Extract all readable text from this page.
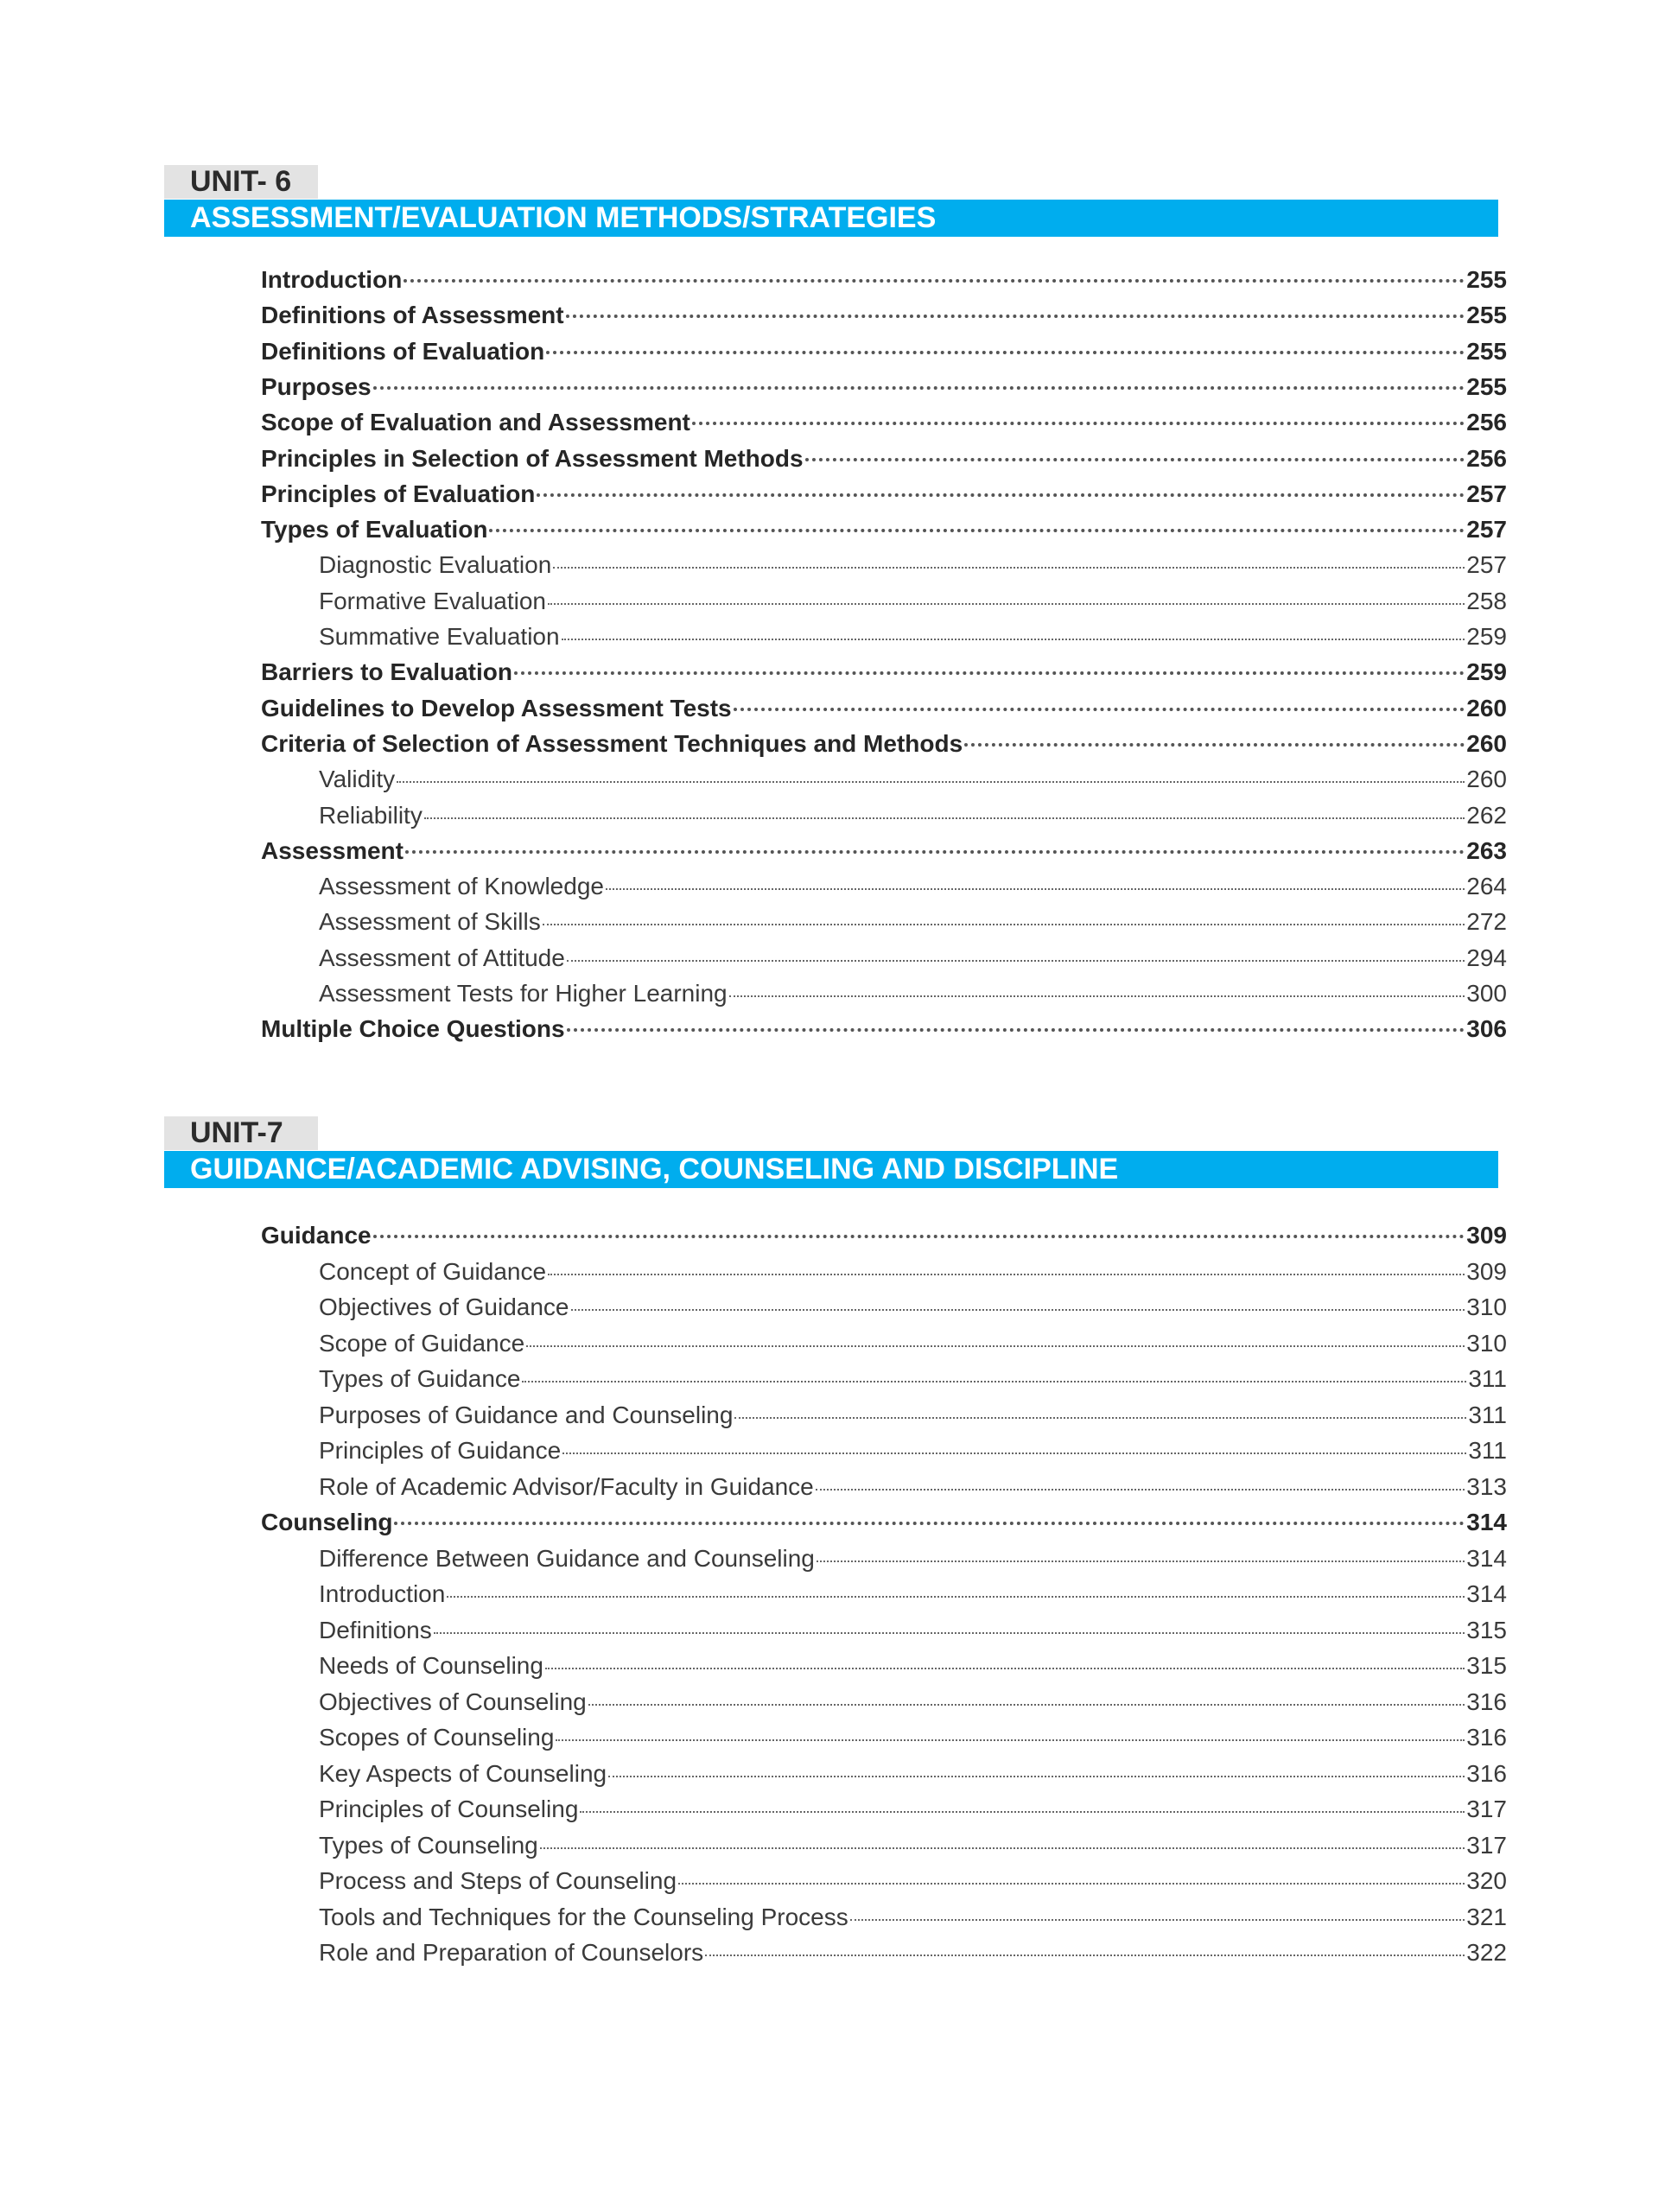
UNIT- 6
ASSESSMENT/EVALUATION METHODS/STRATEGIES
Introduction	255
Definitions of Assessment	255
Definitions of Evaluation	255
Purposes	255
Scope of Evaluation and Assessment	256
Principles in Selection of Assessment Methods	256
Principles of Evaluation	257
Types of Evaluation	257
Diagnostic Evaluation	257
Formative Evaluation	258
Summative Evaluation	259
Barriers to Evaluation	259
Guidelines to Develop Assessment Tests	260
Criteria of Selection of Assessment Techniques and Methods	260
Validity	260
Reliability	262
Assessment	263
Assessment of Knowledge	264
Assessment of Skills	272
Assessment of Attitude	294
Assessment Tests for Higher Learning	300
Multiple Choice Questions	306
UNIT-7
GUIDANCE/ACADEMIC ADVISING, COUNSELING AND DISCIPLINE
Guidance	309
Concept of Guidance	309
Objectives of Guidance	310
Scope of Guidance	310
Types of Guidance	311
Purposes of Guidance and Counseling	311
Principles of Guidance	311
Role of Academic Advisor/Faculty in Guidance	313
Counseling	314
Difference Between Guidance and Counseling	314
Introduction	314
Definitions	315
Needs of Counseling	315
Objectives of Counseling	316
Scopes of Counseling	316
Key Aspects of Counseling	316
Principles of Counseling	317
Types of Counseling	317
Process and Steps of Counseling	320
Tools and Techniques for the Counseling Process	321
Role and Preparation of Counselors	322
